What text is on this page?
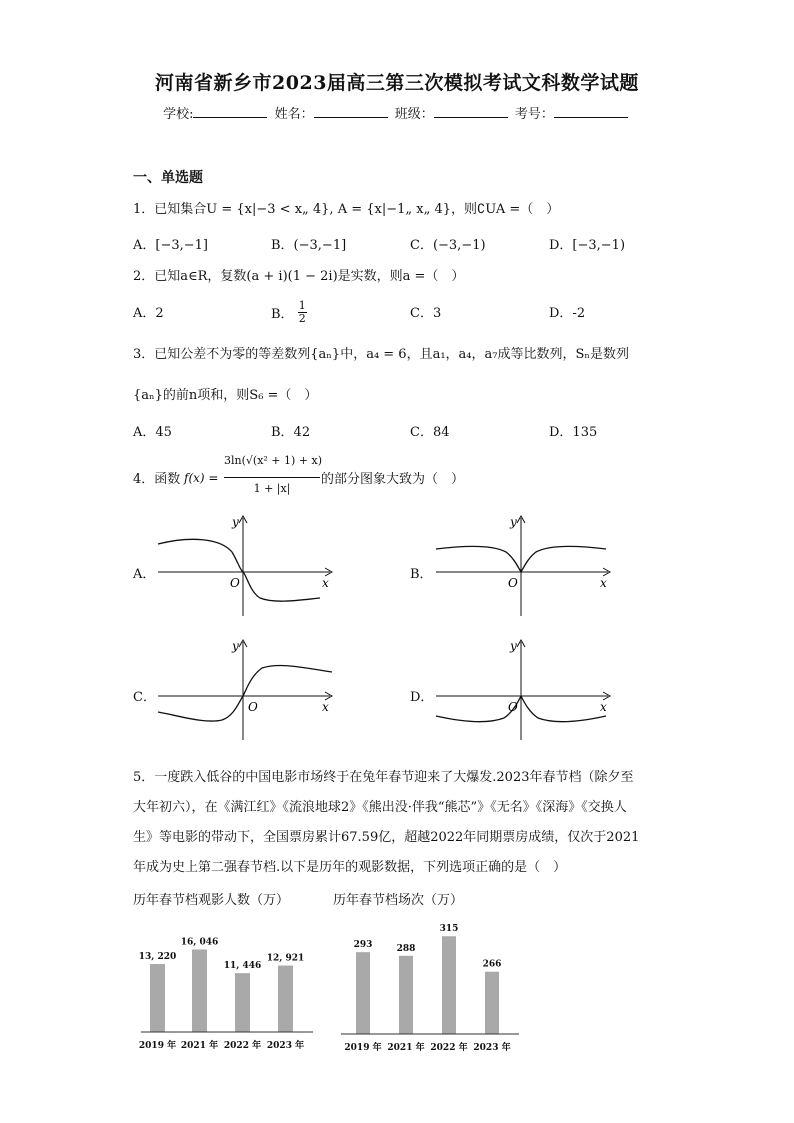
河南省新乡市2023届高三第三次模拟考试文科数学试题
学校:	姓名：	班级：	考号：
一、单选题
1．已知集合U = {x|−3 < x„ 4}, A = {x|−1„ x„ 4}，则∁UA =（　）
A．[−3,−1]	B．(−3,−1]	C．(−3,−1)	D．[−3,−1)
2．已知a∈R，复数(a + i)(1 − 2i)是实数，则a =（　）
A．2	B． $\frac{1}{2}$	C．3	D．-2
3．已知公差不为零的等差数列{aₙ}中，a₄ = 6，且a₁，a₄，a₇成等比数列，Sₙ是数列
{aₙ}的前n项和，则S₆ =（　）
A．45	B．42	C．84	D．135
4．函数 f(x) =
3ln(√(x² + 1) + x)
1 + |x|
的部分图象大致为（　）
A．
O	x
y
B．
O	x
y
C．
O	x
y
D．
O	x
y
5．一度跌入低谷的中国电影市场终于在兔年春节迎来了大爆发.2023年春节档（除夕至
大年初六），在《满江红》《流浪地球2》《熊出没·伴我“熊芯”》《无名》《深海》《交换人
生》等电影的带动下，全国票房累计67.59亿，超越2022年同期票房成绩，仅次于2021
年成为史上第二强春节档.以下是历年的观影数据，下列选项正确的是（　）
历年春节档观影人数（万）	历年春节档场次（万）
13, 220
2019 年
16, 046
2021 年
11, 446
2022 年
12, 921
2023 年
293
2019 年
288
2021 年
315
2022 年
266
2023 年
